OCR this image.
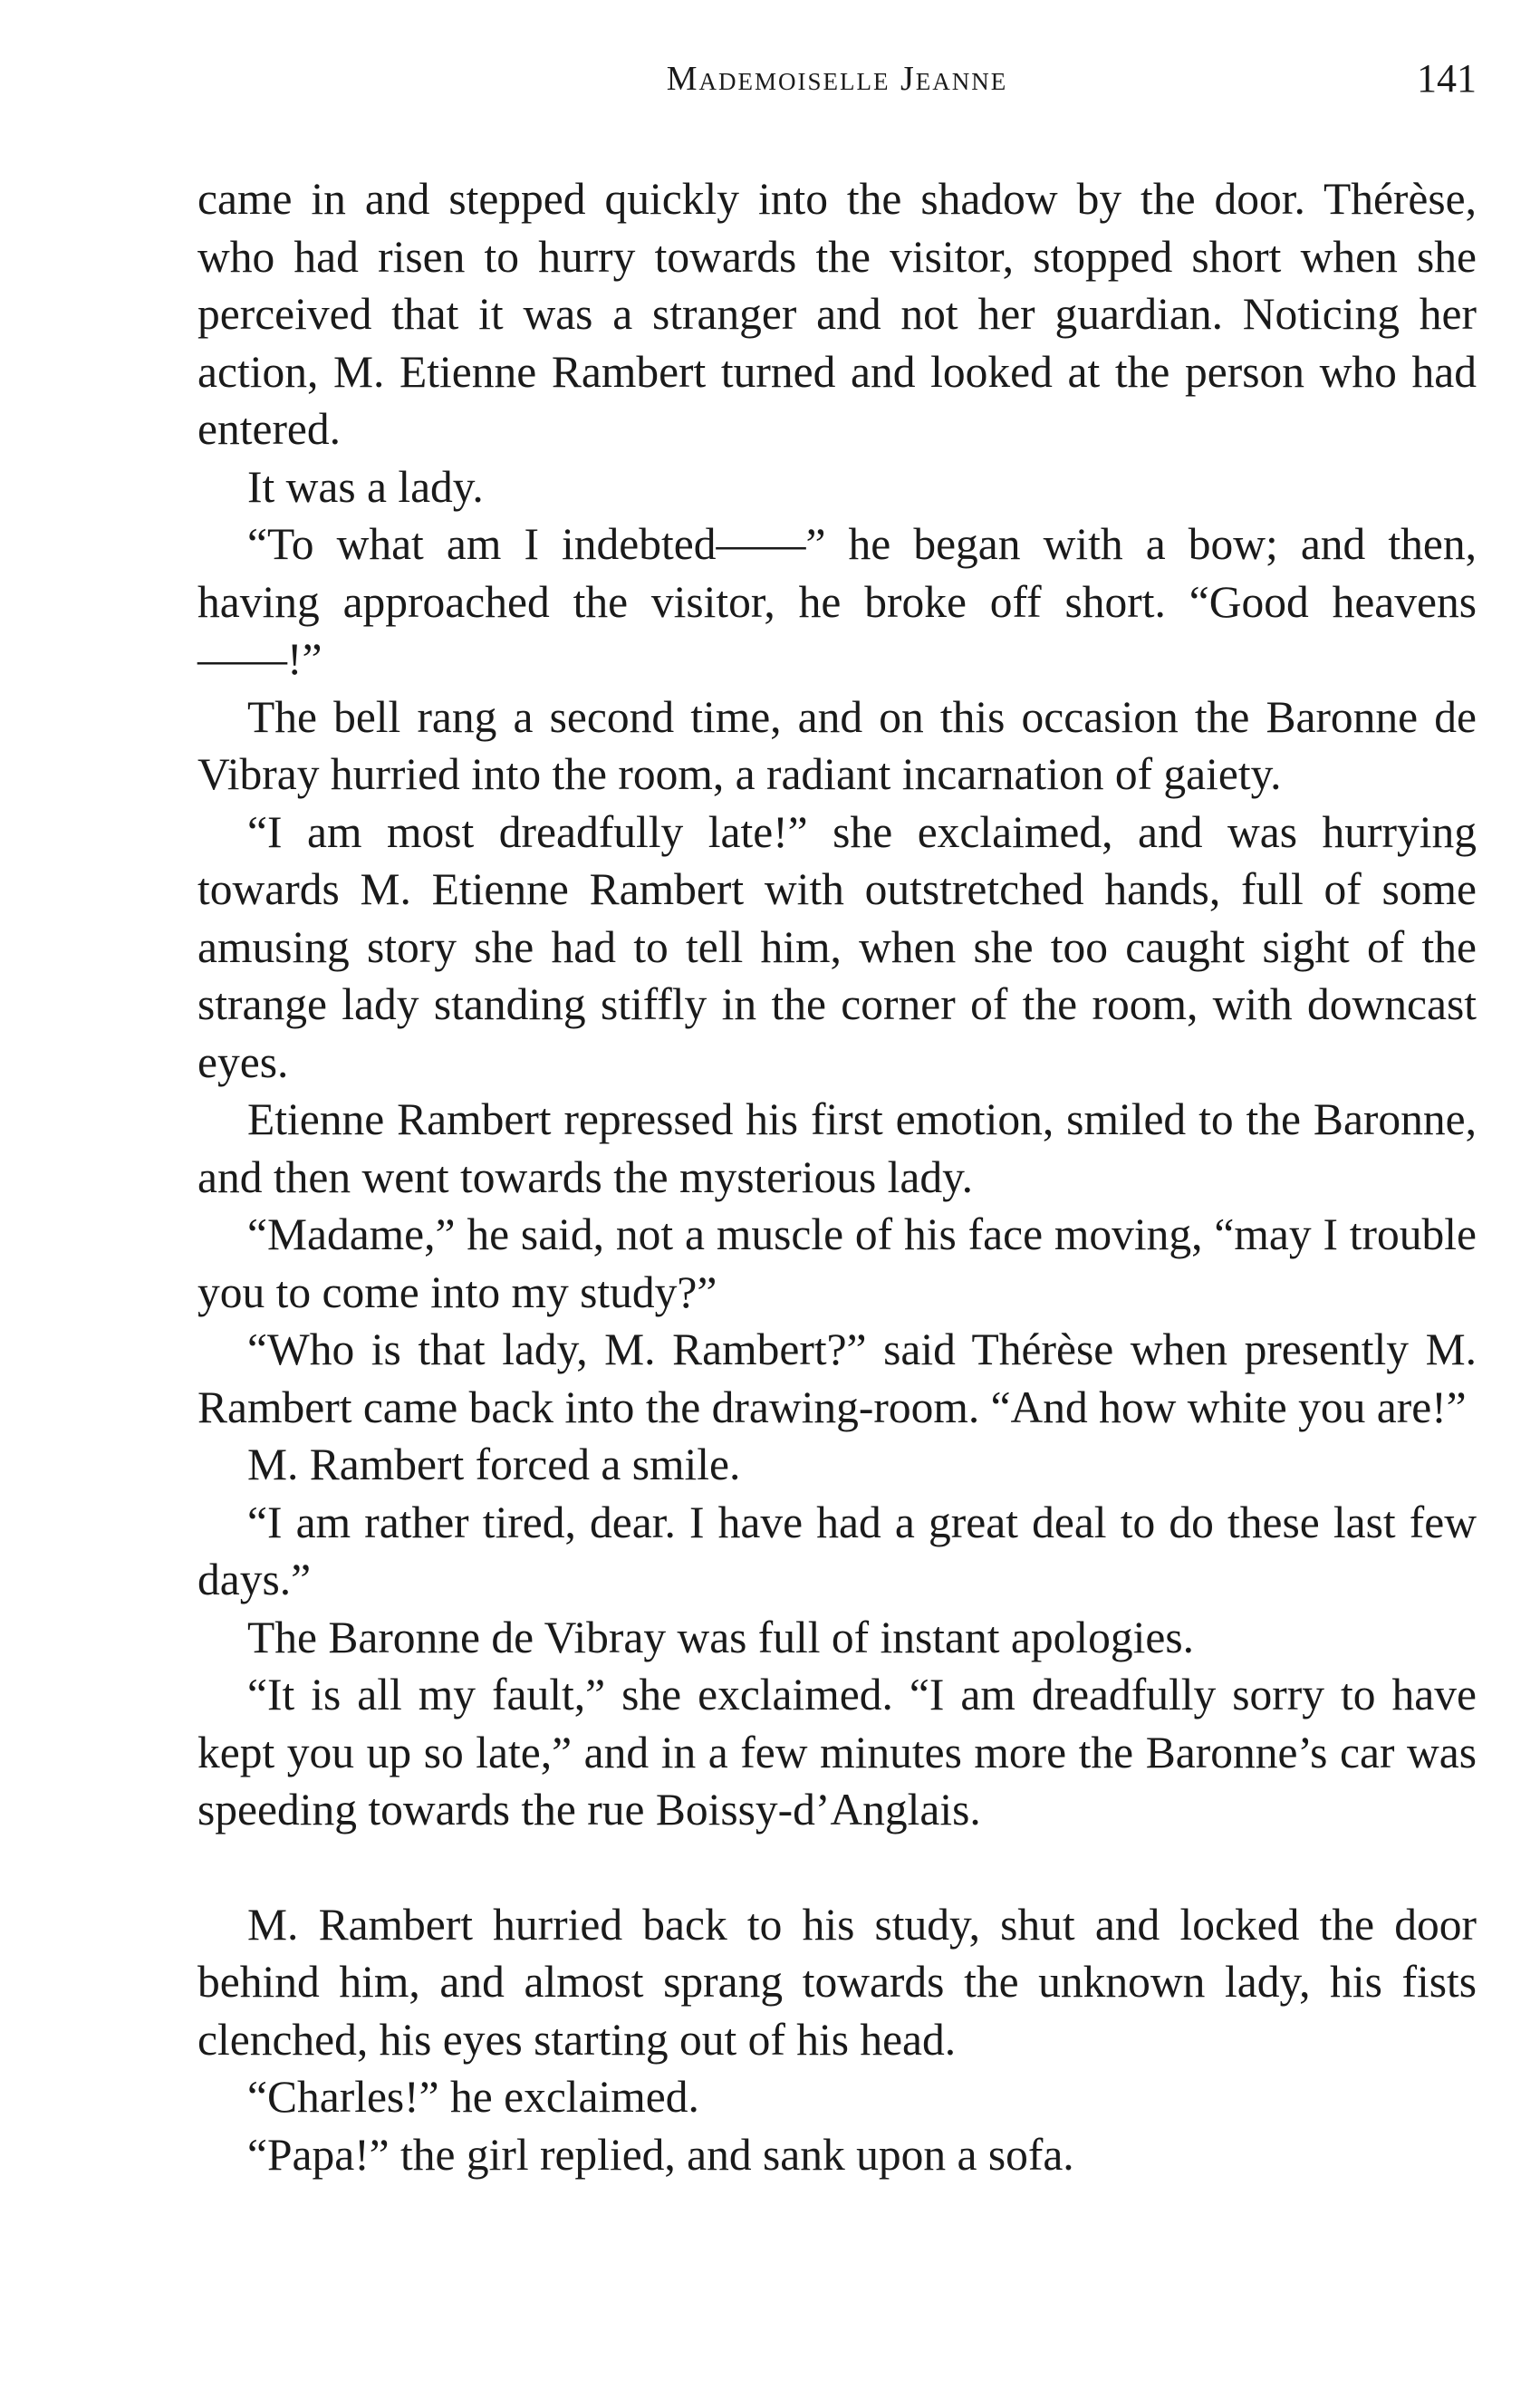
Mademoiselle Jeanne	141

came in and stepped quickly into the shadow by the door. Thérèse, who had risen to hurry towards the visitor, stopped short when she perceived that it was a stranger and not her guardian. Noticing her action, M. Etienne Rambert turned and looked at the person who had entered.

It was a lady.

“To what am I indebted——” he began with a bow; and then, having approached the visitor, he broke off short. “Good heavens——!”

The bell rang a second time, and on this occasion the Baronne de Vibray hurried into the room, a radiant incarnation of gaiety.

“I am most dreadfully late!” she exclaimed, and was hurrying towards M. Etienne Rambert with outstretched hands, full of some amusing story she had to tell him, when she too caught sight of the strange lady standing stiffly in the corner of the room, with downcast eyes.

Etienne Rambert repressed his first emotion, smiled to the Baronne, and then went towards the mysterious lady.

“Madame,” he said, not a muscle of his face moving, “may I trouble you to come into my study?”

“Who is that lady, M. Rambert?” said Thérèse when presently M. Rambert came back into the drawing-room. “And how white you are!”

M. Rambert forced a smile.

“I am rather tired, dear. I have had a great deal to do these last few days.”

The Baronne de Vibray was full of instant apologies.

“It is all my fault,” she exclaimed. “I am dreadfully sorry to have kept you up so late,” and in a few minutes more the Baronne’s car was speeding towards the rue Boissy-d’Anglais.

M. Rambert hurried back to his study, shut and locked the door behind him, and almost sprang towards the unknown lady, his fists clenched, his eyes starting out of his head.

“Charles!” he exclaimed.

“Papa!” the girl replied, and sank upon a sofa.
